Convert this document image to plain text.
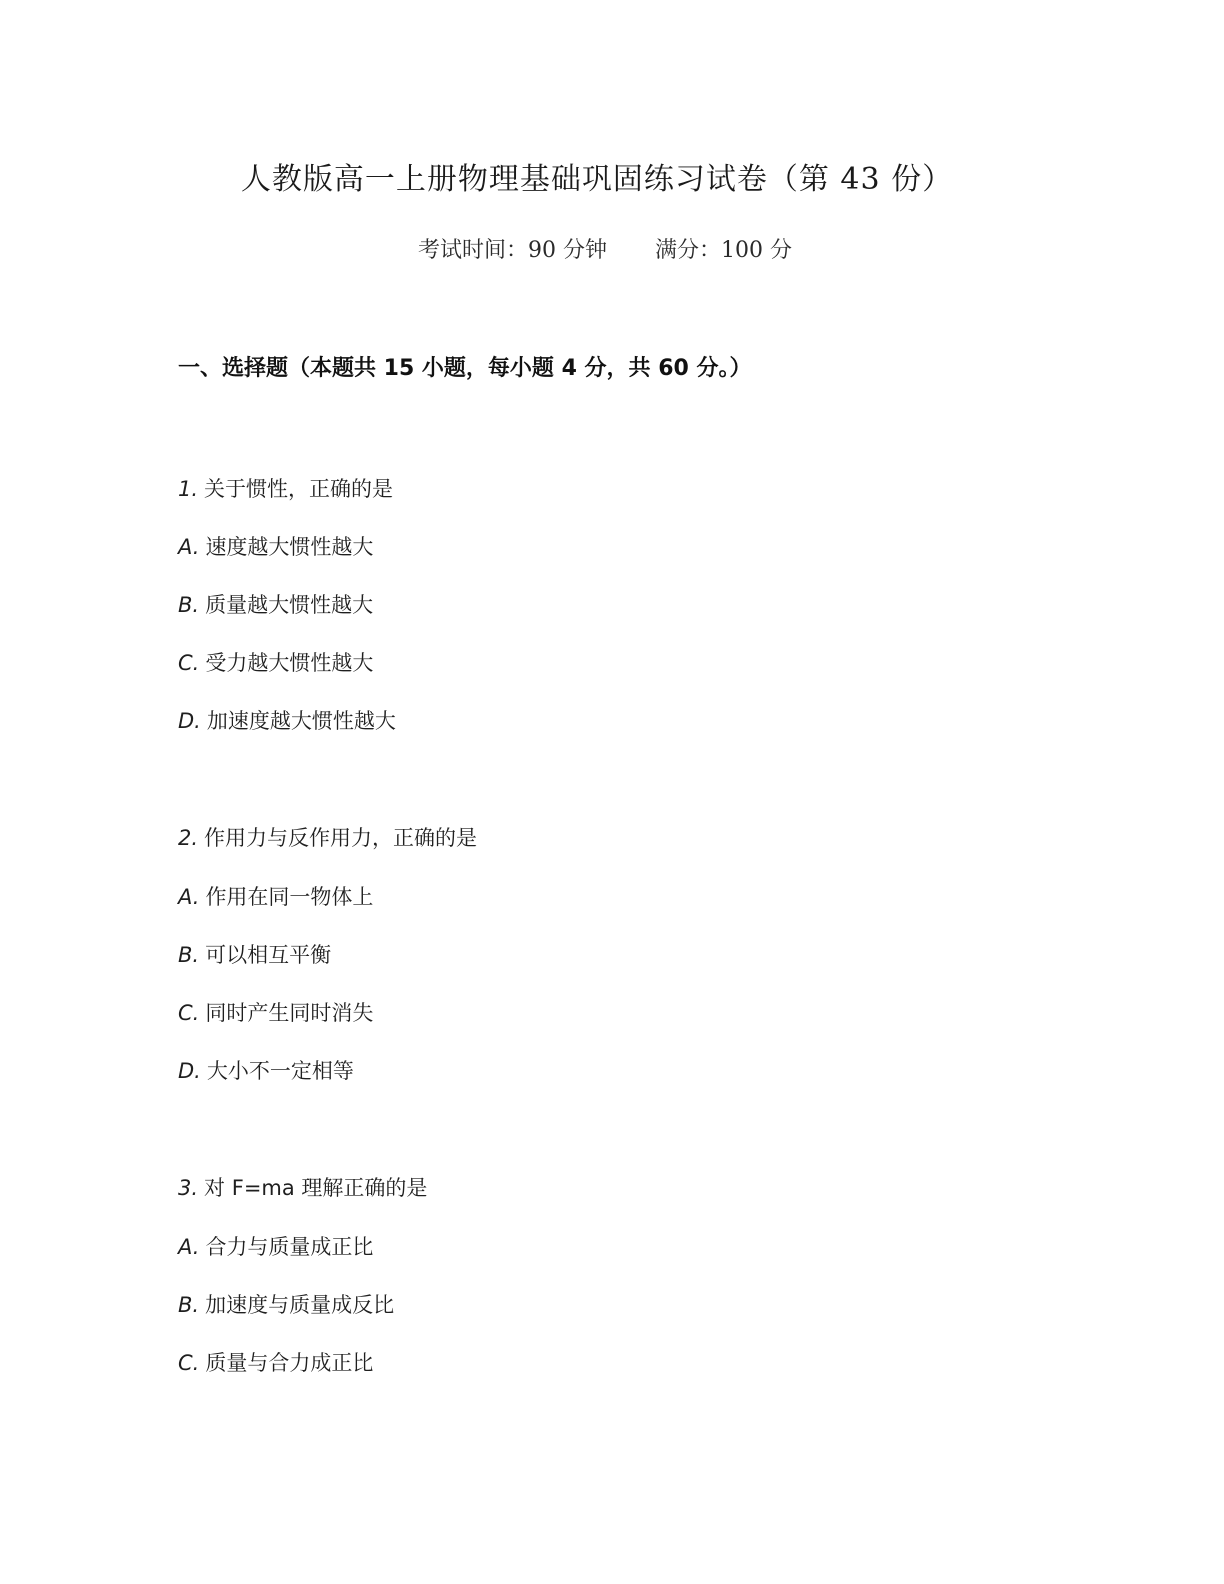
人教版高一上册物理基础巩固练习试卷（第 43 份）
考试时间：90 分钟 满分：100 分
一、选择题（本题共 15 小题，每小题 4 分，共 60 分。）
1. 关于惯性，正确的是
A. 速度越大惯性越大
B. 质量越大惯性越大
C. 受力越大惯性越大
D. 加速度越大惯性越大
2. 作用力与反作用力，正确的是
A. 作用在同一物体上
B. 可以相互平衡
C. 同时产生同时消失
D. 大小不一定相等
3. 对 F=ma 理解正确的是
A. 合力与质量成正比
B. 加速度与质量成反比
C. 质量与合力成正比
